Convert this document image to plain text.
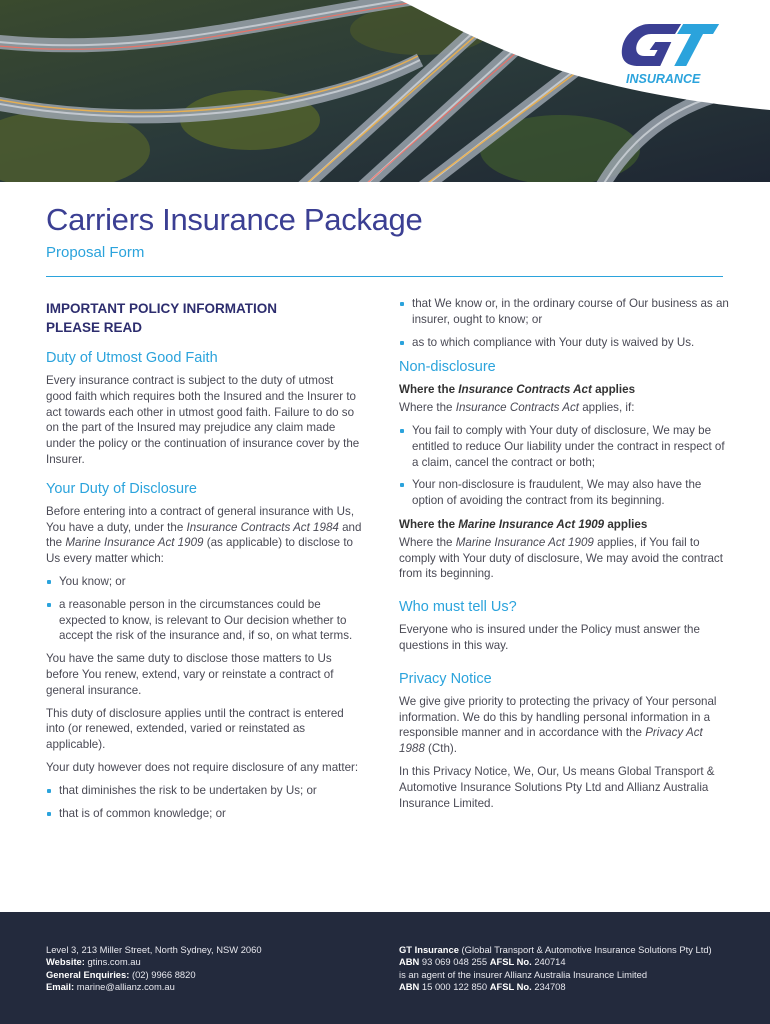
INSURANCE
Carriers Insurance Package
Proposal Form
IMPORTANT POLICY INFORMATION
PLEASE READ
Duty of Utmost Good Faith

Every insurance contract is subject to the duty of utmost good faith which requires both the Insured and the Insurer to act towards each other in utmost good faith. Failure to do so on the part of the Insured may prejudice any claim made under the policy or the continuation of insurance cover by the Insurer.

Your Duty of Disclosure

Before entering into a contract of general insurance with Us, You have a duty, under the Insurance Contracts Act 1984 and the Marine Insurance Act 1909 (as applicable) to disclose to Us every matter which:

You know; or
a reasonable person in the circumstances could be expected to know, is relevant to Our decision whether to accept the risk of the insurance and, if so, on what terms.

You have the same duty to disclose those matters to Us before You renew, extend, vary or reinstate a contract of general insurance.

This duty of disclosure applies until the contract is entered into (or renewed, extended, varied or reinstated as applicable).

Your duty however does not require disclosure of any matter:

that diminishes the risk to be undertaken by Us; or
that is of common knowledge; or
that We know or, in the ordinary course of Our business as an insurer, ought to know; or
as to which compliance with Your duty is waived by Us.
Non-disclosure
Where the Insurance Contracts Act applies

Where the Insurance Contracts Act applies, if:

You fail to comply with Your duty of disclosure, We may be entitled to reduce Our liability under the contract in respect of a claim, cancel the contract or both;
Your non-disclosure is fraudulent, We may also have the option of avoiding the contract from its beginning.
Where the Marine Insurance Act 1909 applies

Where the Marine Insurance Act 1909 applies, if You fail to comply with Your duty of disclosure, We may avoid the contract from its beginning.

Who must tell Us?

Everyone who is insured under the Policy must answer the questions in this way.

Privacy Notice

We give give priority to protecting the privacy of Your personal information. We do this by handling personal information in a responsible manner and in accordance with the Privacy Act 1988 (Cth).

In this Privacy Notice, We, Our, Us means Global Transport & Automotive Insurance Solutions Pty Ltd and Allianz Australia Insurance Limited.

Level 3, 213 Miller Street, North Sydney, NSW 2060
Website: gtins.com.au
General Enquiries: (02) 9966 8820
Email: marine@allianz.com.au
GT Insurance (Global Transport & Automotive Insurance Solutions Pty Ltd) ABN 93 069 048 255 AFSL No. 240714
is an agent of the insurer Allianz Australia Insurance Limited
ABN 15 000 122 850 AFSL No. 234708
